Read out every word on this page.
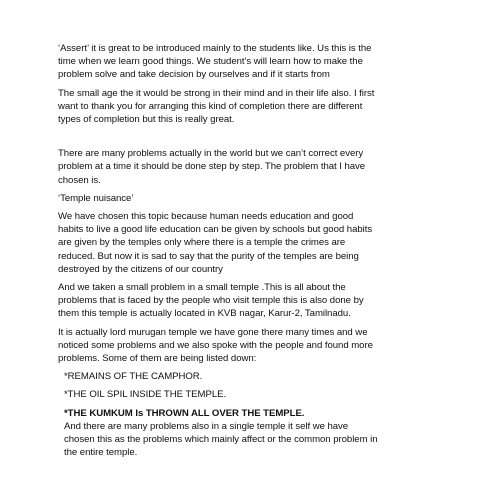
‘Assert’ it is great to be introduced mainly to the students like. Us this is the
time when we learn good things. We student’s will learn how to make the
problem solve and take decision by ourselves and if it starts from

The small age the it would be strong in their mind and in their life also. I first
want to thank you for arranging this kind of completion there are different
types of completion but this is really great.

There are many problems actually in the world but we can’t correct every
problem at a time it should be done step by step. The problem that I have
chosen is.

‘Temple nuisance’

We have chosen this topic because human needs education and good
habits to live a good life education can be given by schools but good habits
are given by the temples only where there is a temple the crimes are
reduced. But now it is sad to say that the purity of the temples are being
destroyed by the citizens of our country

And we taken a small problem in a small temple .This is all about the
problems that is faced by the people who visit temple this is also done by
them this temple is actually located in KVB nagar, Karur-2, Tamilnadu.

It is actually lord murugan temple we have gone there many times and we
noticed some problems and we also spoke with the people and found more
problems. Some of them are being listed down:

*REMAINS OF THE CAMPHOR.

*THE OIL SPIL INSIDE THE TEMPLE.

*THE KUMKUM Is THROWN ALL OVER THE TEMPLE.

And there are many problems also in a single temple it self we have
chosen this as the problems which mainly affect or the common problem in
the entire temple.
